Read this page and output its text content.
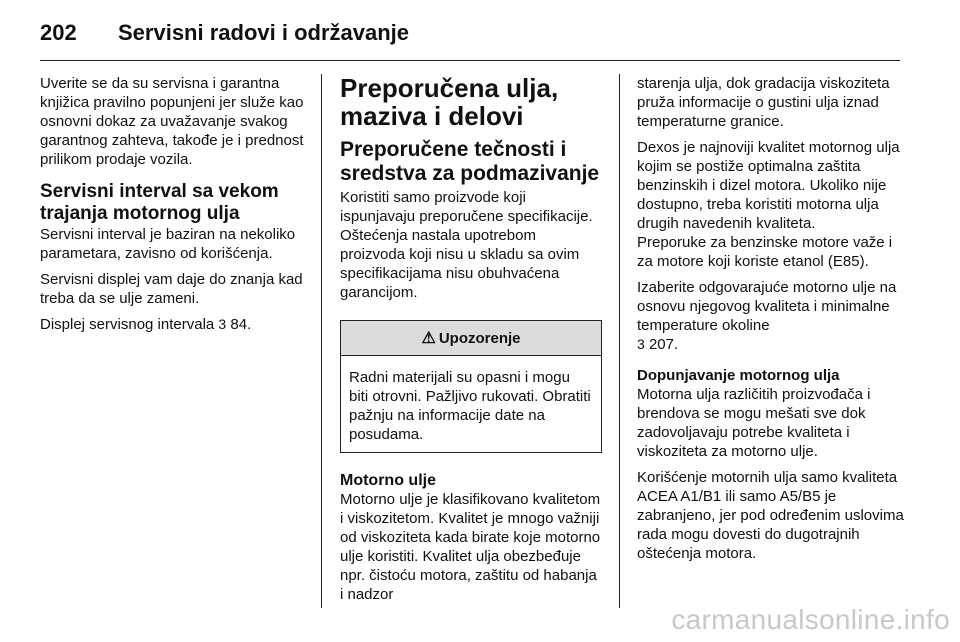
202 Servisni radovi i održavanje

Uverite se da su servisna i garantna knjižica pravilno popunjeni jer služe kao osnovni dokaz za uvažavanje svakog garantnog zahteva, takođe je i prednost prilikom prodaje vozila.

Servisni interval sa vekom trajanja motornog ulja

Servisni interval je baziran na nekoliko parametara, zavisno od korišćenja.

Servisni displej vam daje do znanja kad treba da se ulje zameni.

Displej servisnog intervala 3 84.

Preporučena ulja, maziva i delovi
Preporučene tečnosti i sredstva za podmazivanje

Koristiti samo proizvode koji ispunjavaju preporučene specifikacije. Oštećenja nastala upotrebom proizvoda koji nisu u skladu sa ovim specifikacijama nisu obuhvaćena garancijom.

⚠ Upozorenje
Radni materijali su opasni i mogu biti otrovni. Pažljivo rukovati. Obratiti pažnju na informacije date na posudama.
Motorno ulje

Motorno ulje je klasifikovano kvalitetom i viskozitetom. Kvalitet je mnogo važniji od viskoziteta kada birate koje motorno ulje koristiti. Kvalitet ulja obezbeđuje npr. čistoću motora, zaštitu od habanja i nadzor

starenja ulja, dok gradacija viskoziteta pruža informacije o gustini ulja iznad temperaturne granice.

Dexos je najnoviji kvalitet motornog ulja kojim se postiže optimalna zaštita benzinskih i dizel motora. Ukoliko nije dostupno, treba koristiti motorna ulja drugih navedenih kvaliteta.

Preporuke za benzinske motore važe i za motore koji koriste etanol (E85).

Izaberite odgovarajuće motorno ulje na osnovu njegovog kvaliteta i minimalne temperature okoline
3 207.

Dopunjavanje motornog ulja

Motorna ulja različitih proizvođača i brendova se mogu mešati sve dok zadovoljavaju potrebe kvaliteta i viskoziteta za motorno ulje.

Korišćenje motornih ulja samo kvaliteta ACEA A1/B1 ili samo A5/B5 je zabranjeno, jer pod određenim uslovima rada mogu dovesti do dugotrajnih oštećenja motora.

carmanualsonline.info
